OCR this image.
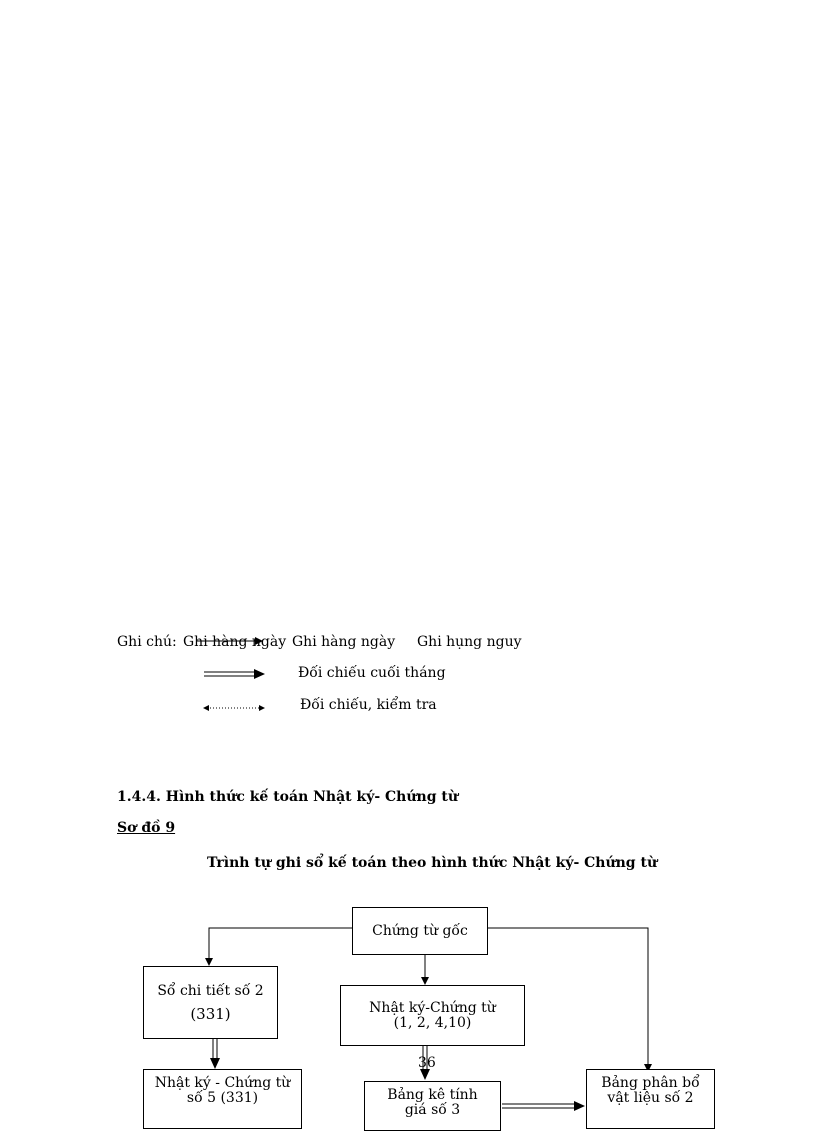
Ghi chú: Ghi hàng ngày Ghi hàng ngày Ghi hụng nguy
Đối chiếu cuối tháng
Đối chiếu, kiểm tra
1.4.4. Hình thức kế toán Nhật ký- Chứng từ
Sơ đồ 9
Trình tự ghi sổ kế toán theo hình thức Nhật ký- Chứng từ
Chứng từ gốc
Sổ chi tiết số 2
(331)	Nhật ký-Chứng từ
(1, 2, 4,10)
Nhật ký - Chứng từ
số 5 (331)	Bảng kê tính
giá số 3
Bảng phân bổ
vật liệu số 2
36
